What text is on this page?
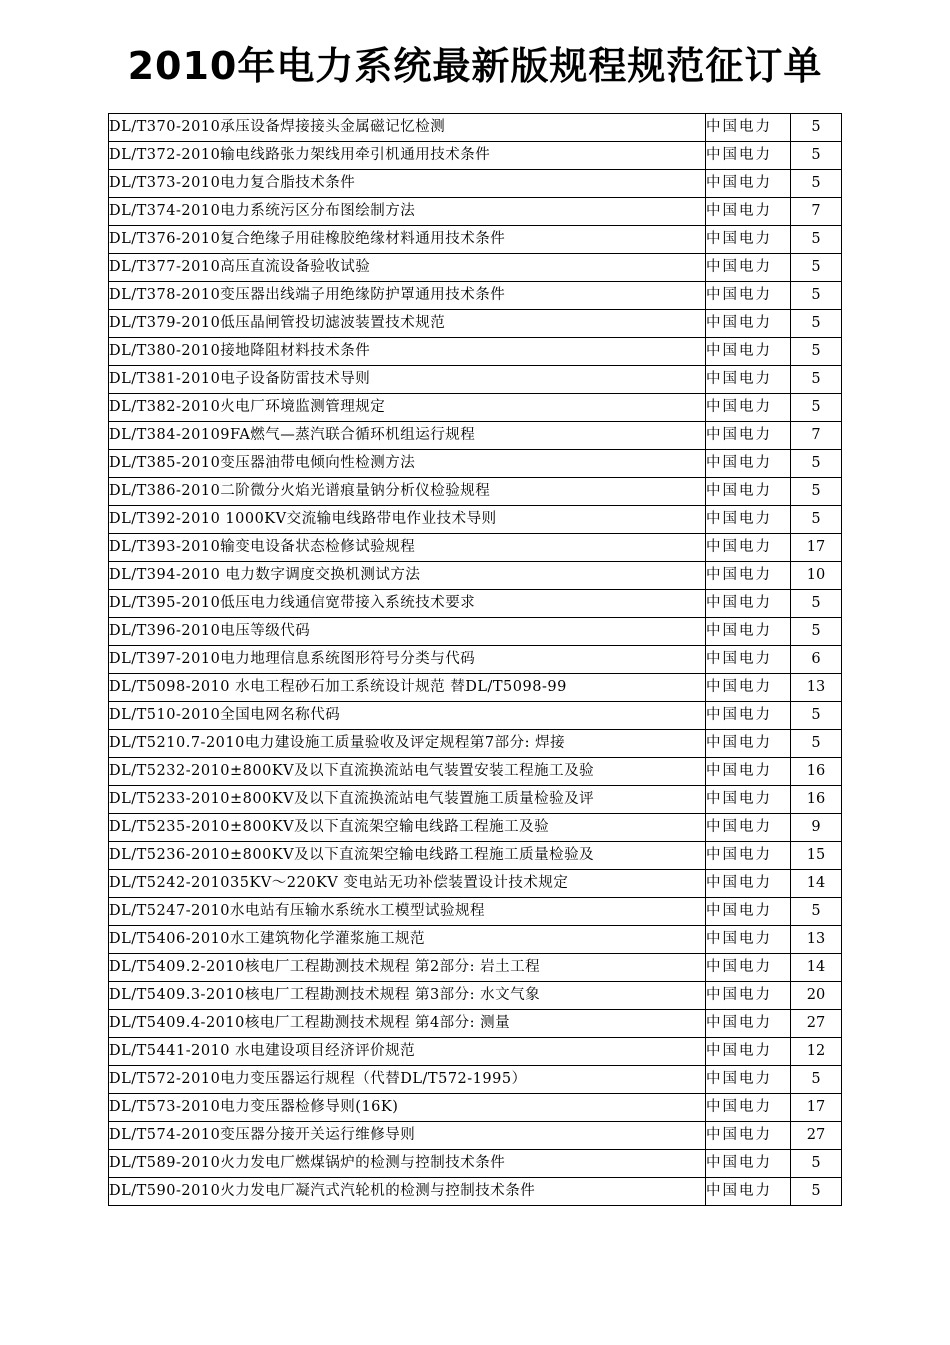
2010年电力系统最新版规程规范征订单
DL/T370-2010承压设备焊接接头金属磁记忆检测	中国电力	5
DL/T372-2010输电线路张力架线用牵引机通用技术条件	中国电力	5
DL/T373-2010电力复合脂技术条件	中国电力	5
DL/T374-2010电力系统污区分布图绘制方法	中国电力	7
DL/T376-2010复合绝缘子用硅橡胶绝缘材料通用技术条件	中国电力	5
DL/T377-2010高压直流设备验收试验	中国电力	5
DL/T378-2010变压器出线端子用绝缘防护罩通用技术条件	中国电力	5
DL/T379-2010低压晶闸管投切滤波装置技术规范	中国电力	5
DL/T380-2010接地降阻材料技术条件	中国电力	5
DL/T381-2010电子设备防雷技术导则	中国电力	5
DL/T382-2010火电厂环境监测管理规定	中国电力	5
DL/T384-20109FA燃气—蒸汽联合循环机组运行规程	中国电力	7
DL/T385-2010变压器油带电倾向性检测方法	中国电力	5
DL/T386-2010二阶微分火焰光谱痕量钠分析仪检验规程	中国电力	5
DL/T392-2010 1000KV交流输电线路带电作业技术导则	中国电力	5
DL/T393-2010输变电设备状态检修试验规程	中国电力	17
DL/T394-2010 电力数字调度交换机测试方法	中国电力	10
DL/T395-2010低压电力线通信宽带接入系统技术要求	中国电力	5
DL/T396-2010电压等级代码	中国电力	5
DL/T397-2010电力地理信息系统图形符号分类与代码	中国电力	6
DL/T5098-2010 水电工程砂石加工系统设计规范 替DL/T5098-99	中国电力	13
DL/T510-2010全国电网名称代码	中国电力	5
DL/T5210.7-2010电力建设施工质量验收及评定规程第7部分: 焊接	中国电力	5
DL/T5232-2010±800KV及以下直流换流站电气装置安装工程施工及验	中国电力	16
DL/T5233-2010±800KV及以下直流换流站电气装置施工质量检验及评	中国电力	16
DL/T5235-2010±800KV及以下直流架空输电线路工程施工及验	中国电力	9
DL/T5236-2010±800KV及以下直流架空输电线路工程施工质量检验及	中国电力	15
DL/T5242-201035KV～220KV 变电站无功补偿装置设计技术规定	中国电力	14
DL/T5247-2010水电站有压输水系统水工模型试验规程	中国电力	5
DL/T5406-2010水工建筑物化学灌浆施工规范	中国电力	13
DL/T5409.2-2010核电厂工程勘测技术规程 第2部分: 岩土工程	中国电力	14
DL/T5409.3-2010核电厂工程勘测技术规程 第3部分: 水文气象	中国电力	20
DL/T5409.4-2010核电厂工程勘测技术规程 第4部分: 测量	中国电力	27
DL/T5441-2010 水电建设项目经济评价规范	中国电力	12
DL/T572-2010电力变压器运行规程（代替DL/T572-1995）	中国电力	5
DL/T573-2010电力变压器检修导则(16K)	中国电力	17
DL/T574-2010变压器分接开关运行维修导则	中国电力	27
DL/T589-2010火力发电厂燃煤锅炉的检测与控制技术条件	中国电力	5
DL/T590-2010火力发电厂凝汽式汽轮机的检测与控制技术条件	中国电力	5
